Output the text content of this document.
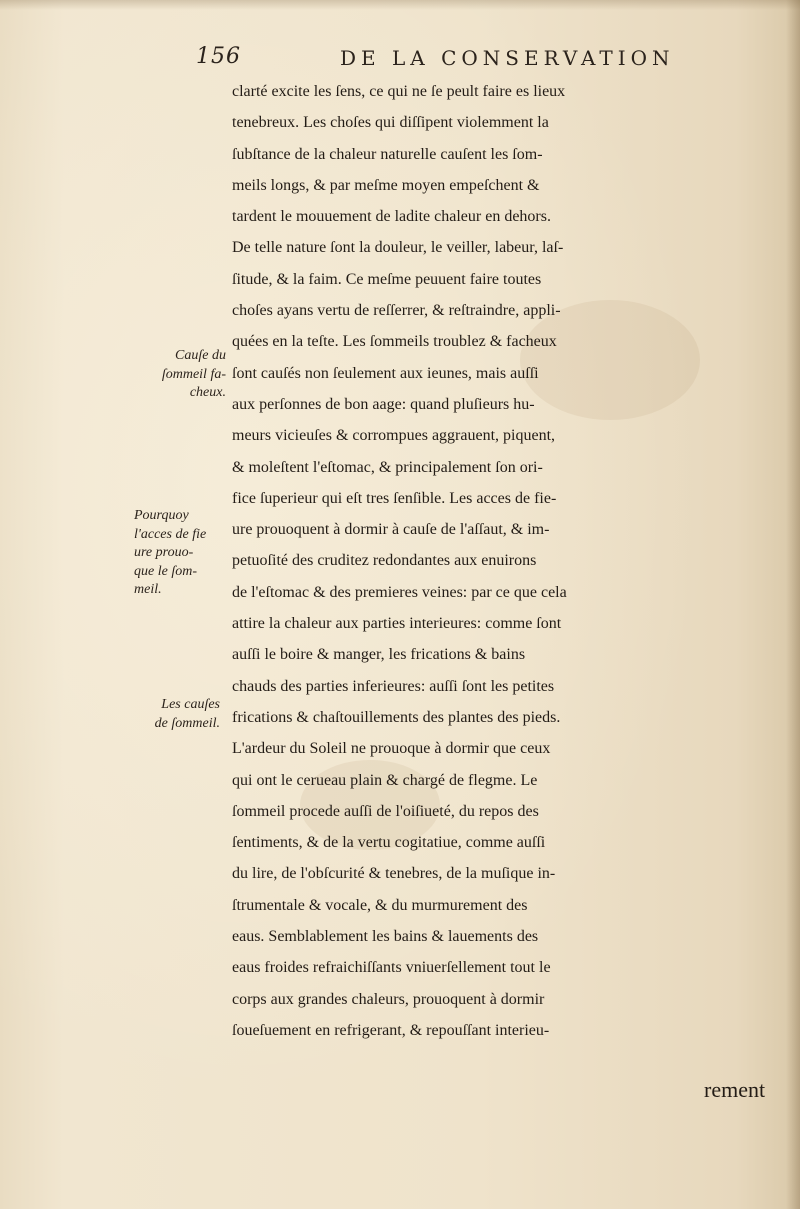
156	DE LA CONSERVATION
Cauſe du
ſommeil fa-
cheux.
Pourquoy
l'acces de fie
ure prouo-
que le ſom-
meil.
Les cauſes
de ſommeil.
clarté excite les ſens, ce qui ne ſe peult faire es lieux
tenebreux. Les choſes qui diſſipent violemment la
ſubſtance de la chaleur naturelle cauſent les ſom-
meils longs, & par meſme moyen empeſchent &
tardent le mouuement de ladite chaleur en dehors.
De telle nature ſont la douleur, le veiller, labeur, laſ-
ſitude, & la faim. Ce meſme peuuent faire toutes
choſes ayans vertu de reſſerrer, & reſtraindre, appli-
quées en la teſte. Les ſommeils troublez & facheux
ſont cauſés non ſeulement aux ieunes, mais auſſi
aux perſonnes de bon aage: quand pluſieurs hu-
meurs vicieuſes & corrompues aggrauent, piquent,
& moleſtent l'eſtomac, & principalement ſon ori-
fice ſuperieur qui eſt tres ſenſible. Les acces de fie-
ure prouoquent à dormir à cauſe de l'aſſaut, & im-
petuoſité des cruditez redondantes aux enuirons
de l'eſtomac & des premieres veines: par ce que cela
attire la chaleur aux parties interieures: comme ſont
auſſi le boire & manger, les frications & bains
chauds des parties inferieures: auſſi ſont les petites
frications & chaſtouillements des plantes des pieds.
L'ardeur du Soleil ne prouoque à dormir que ceux
qui ont le cerueau plain & chargé de flegme. Le
ſommeil procede auſſi de l'oiſiueté, du repos des
ſentiments, & de la vertu cogitatiue, comme auſſi
du lire, de l'obſcurité & tenebres, de la muſique in-
ſtrumentale & vocale, & du murmurement des
eaus. Semblablement les bains & lauements des
eaus froides refraichiſſants vniuerſellement tout le
corps aux grandes chaleurs, prouoquent à dormir
ſoueſuement en refrigerant, & repouſſant interieu-
rement
